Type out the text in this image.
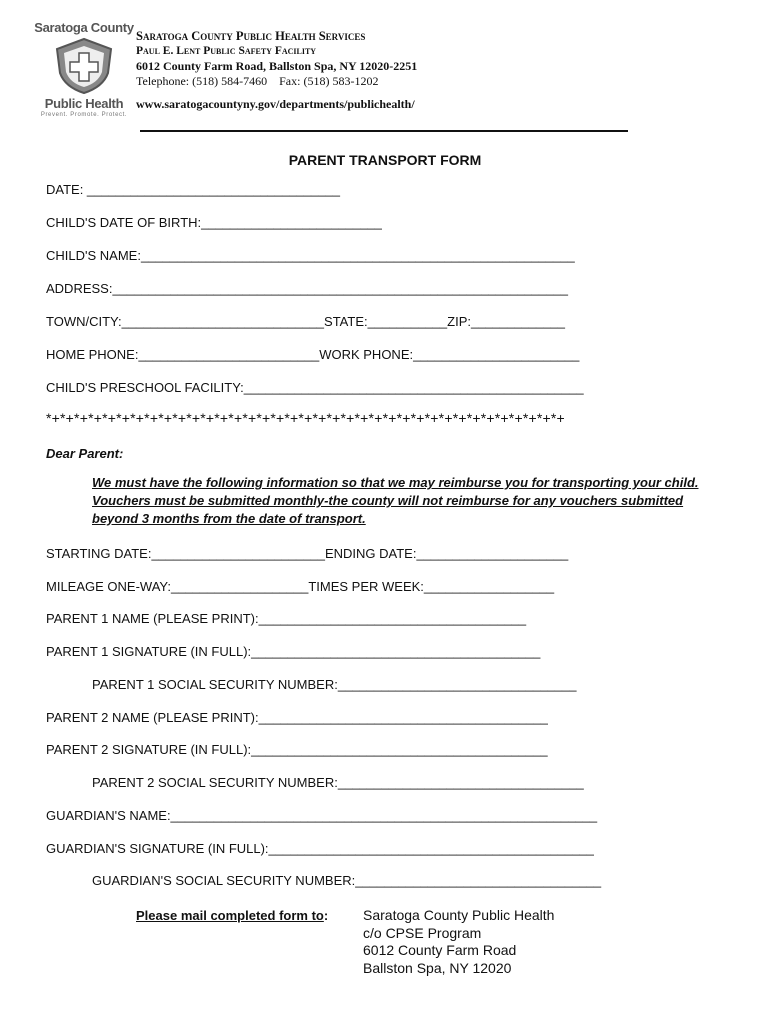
Saratoga County
Public Health
Prevent. Promote. Protect.
Saratoga County Public Health Services
Paul E. Lent Public Safety Facility
6012 County Farm Road, Ballston Spa, NY 12020-2251
Telephone: (518) 584-7460    Fax: (518) 583-1202
www.saratogacountyny.gov/departments/publichealth/
PARENT TRANSPORT FORM
DATE: ___________________________________
CHILD'S DATE OF BIRTH:_________________________
CHILD'S NAME:____________________________________________________________
ADDRESS:_______________________________________________________________
TOWN/CITY:____________________________STATE:___________ZIP:_____________
HOME PHONE:_________________________WORK PHONE:_______________________
CHILD'S PRESCHOOL FACILITY:_______________________________________________
*+*+*+*+*+*+*+*+*+*+*+*+*+*+*+*+*+*+*+*+*+*+*+*+*+*+*+*+*+*+*+*+*+*+*+*+*+
Dear Parent:
We must have the following information so that we may reimburse you for transporting your child. Vouchers must be submitted monthly-the county will not reimburse for any vouchers submitted beyond 3 months from the date of transport.
STARTING DATE:________________________ENDING DATE:_____________________
MILEAGE ONE-WAY:___________________TIMES PER WEEK:__________________
PARENT 1 NAME (PLEASE PRINT):_____________________________________
PARENT 1 SIGNATURE (IN FULL):________________________________________
PARENT 1 SOCIAL SECURITY NUMBER:_________________________________
PARENT 2 NAME (PLEASE PRINT):________________________________________
PARENT 2 SIGNATURE (IN FULL):_________________________________________
PARENT 2 SOCIAL SECURITY NUMBER:__________________________________
GUARDIAN'S NAME:___________________________________________________________
GUARDIAN'S SIGNATURE (IN FULL):_____________________________________________
GUARDIAN'S SOCIAL SECURITY NUMBER:__________________________________
Please mail completed form to: Saratoga County Public Health
c/o CPSE Program
6012 County Farm Road
Ballston Spa, NY 12020
